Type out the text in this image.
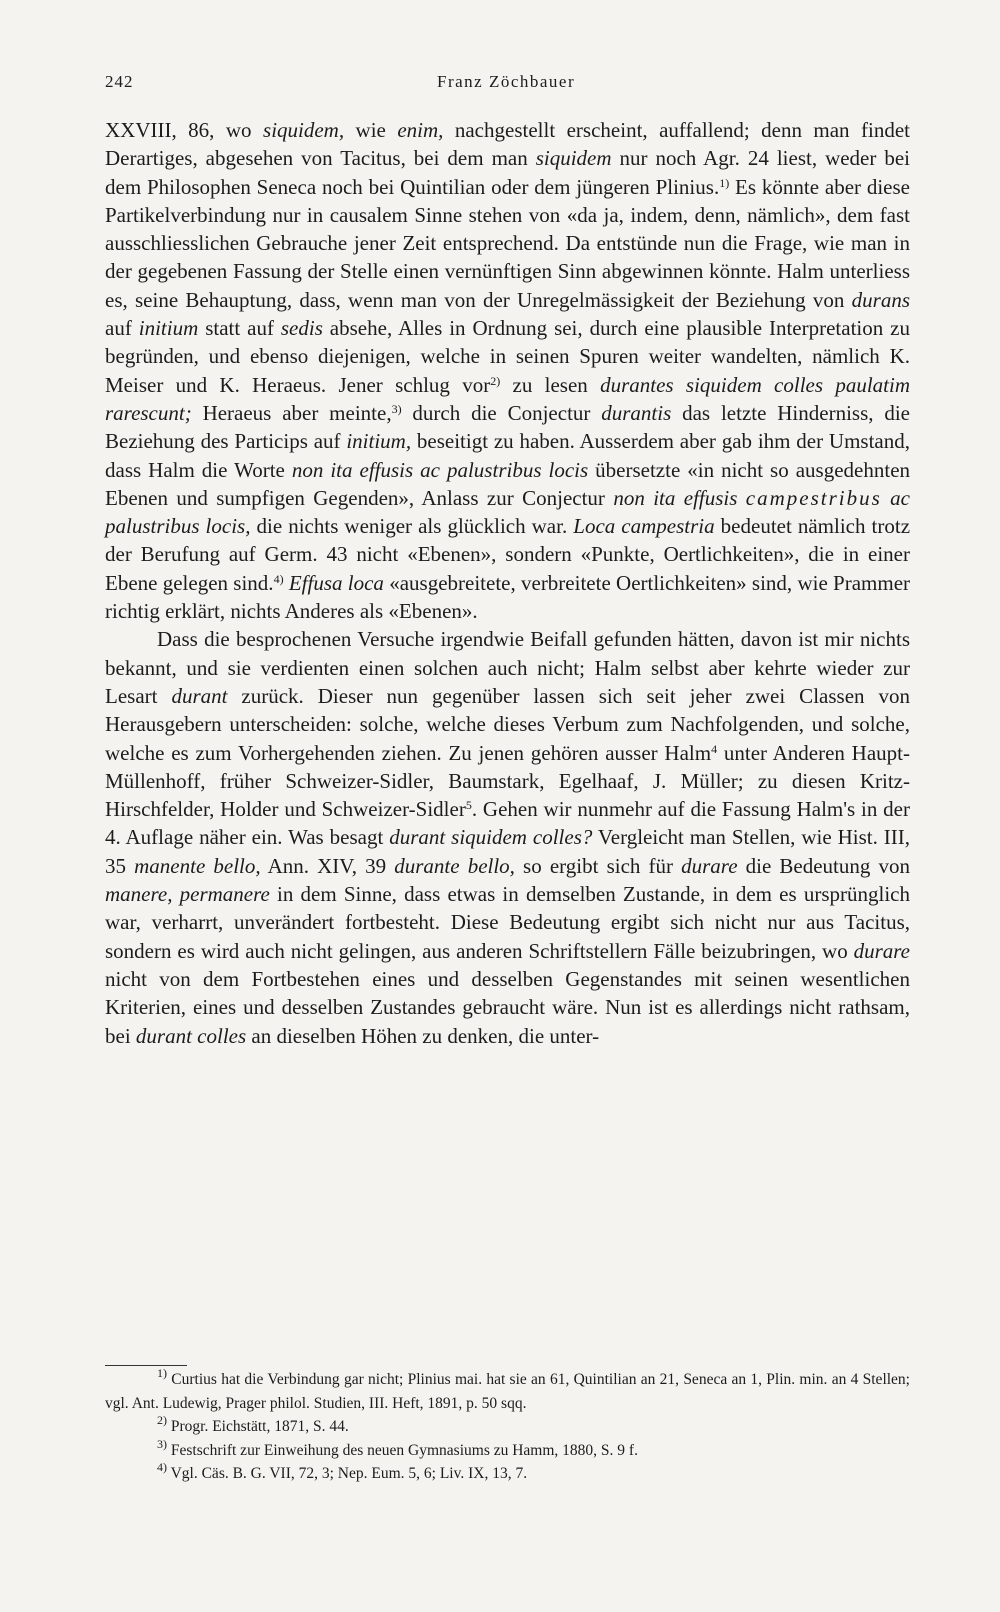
242	Franz Zöchbauer

XXVIII, 86, wo siquidem, wie enim, nachgestellt erscheint, auffallend; denn man findet Derartiges, abgesehen von Tacitus, bei dem man siquidem nur noch Agr. 24 liest, weder bei dem Philosophen Seneca noch bei Quintilian oder dem jüngeren Plinius.$^{1)}$ Es könnte aber diese Partikelverbindung nur in causalem Sinne stehen von «da ja, indem, denn, nämlich», dem fast ausschliesslichen Gebrauche jener Zeit entsprechend. Da entstünde nun die Frage, wie man in der gegebenen Fassung der Stelle einen vernünftigen Sinn abgewinnen könnte. Halm unterliess es, seine Behauptung, dass, wenn man von der Unregelmässigkeit der Beziehung von durans auf initium statt auf sedis absehe, Alles in Ordnung sei, durch eine plausible Interpretation zu begründen, und ebenso diejenigen, welche in seinen Spuren weiter wandelten, nämlich K. Meiser und K. Heraeus. Jener schlug vor$^{2)}$ zu lesen durantes siquidem colles paulatim rarescunt; Heraeus aber meinte,$^{3)}$ durch die Conjectur durantis das letzte Hinderniss, die Beziehung des Particips auf initium, beseitigt zu haben. Ausserdem aber gab ihm der Umstand, dass Halm die Worte non ita effusis ac palustribus locis übersetzte «in nicht so ausgedehnten Ebenen und sumpfigen Gegenden», Anlass zur Conjectur non ita effusis campestribus ac palustribus locis, die nichts weniger als glücklich war. Loca campestria bedeutet nämlich trotz der Berufung auf Germ. 43 nicht «Ebenen», sondern «Punkte, Oertlichkeiten», die in einer Ebene gelegen sind.$^{4)}$ Effusa loca «ausgebreitete, verbreitete Oertlichkeiten» sind, wie Prammer richtig erklärt, nichts Anderes als «Ebenen».

Dass die besprochenen Versuche irgendwie Beifall gefunden hätten, davon ist mir nichts bekannt, und sie verdienten einen solchen auch nicht; Halm selbst aber kehrte wieder zur Lesart durant zurück. Dieser nun gegenüber lassen sich seit jeher zwei Classen von Herausgebern unterscheiden: solche, welche dieses Verbum zum Nachfolgenden, und solche, welche es zum Vorhergehenden ziehen. Zu jenen gehören ausser Halm$^4$ unter Anderen Haupt-Müllenhoff, früher Schweizer-Sidler, Baumstark, Egelhaaf, J. Müller; zu diesen Kritz-Hirschfelder, Holder und Schweizer-Sidler$^5$. Gehen wir nunmehr auf die Fassung Halm's in der 4. Auflage näher ein. Was besagt durant siquidem colles? Vergleicht man Stellen, wie Hist. III, 35 manente bello, Ann. XIV, 39 durante bello, so ergibt sich für durare die Bedeutung von manere, permanere in dem Sinne, dass etwas in demselben Zustande, in dem es ursprünglich war, verharrt, unverändert fortbesteht. Diese Bedeutung ergibt sich nicht nur aus Tacitus, sondern es wird auch nicht gelingen, aus anderen Schriftstellern Fälle beizubringen, wo durare nicht von dem Fortbestehen eines und desselben Gegenstandes mit seinen wesentlichen Kriterien, eines und desselben Zustandes gebraucht wäre. Nun ist es allerdings nicht rathsam, bei durant colles an dieselben Höhen zu denken, die unter-

$^{1)}$ Curtius hat die Verbindung gar nicht; Plinius mai. hat sie an 61, Quintilian an 21, Seneca an 1, Plin. min. an 4 Stellen; vgl. Ant. Ludewig, Prager philol. Studien, III. Heft, 1891, p. 50 sqq.

$^{2)}$ Progr. Eichstätt, 1871, S. 44.

$^{3)}$ Festschrift zur Einweihung des neuen Gymnasiums zu Hamm, 1880, S. 9 f.

$^{4)}$ Vgl. Cäs. B. G. VII, 72, 3; Nep. Eum. 5, 6; Liv. IX, 13, 7.
